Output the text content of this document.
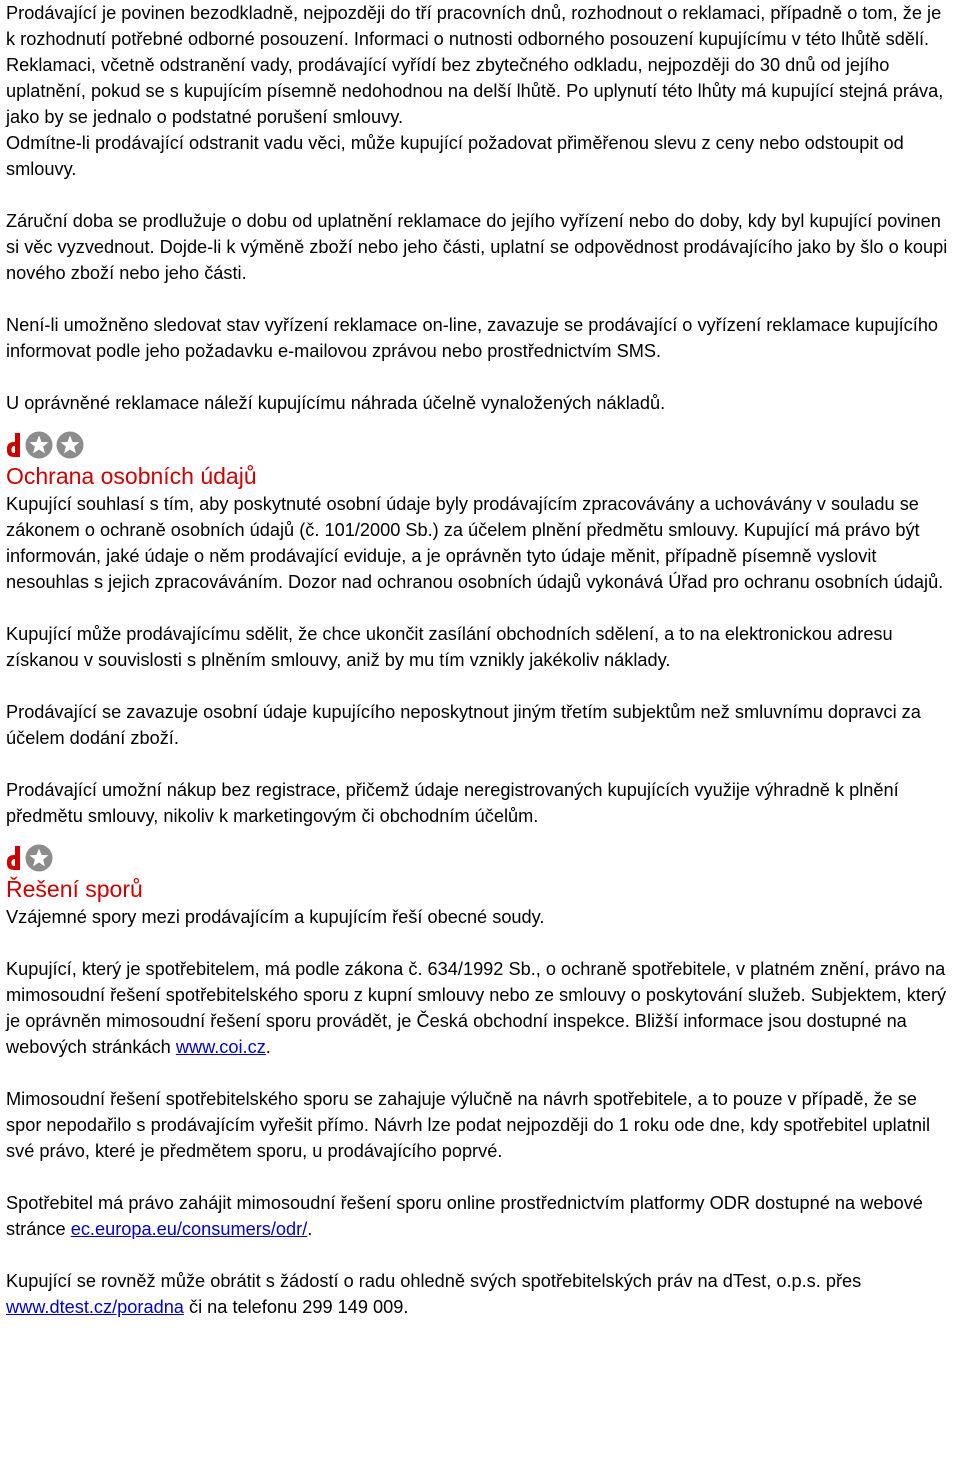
Prodávající je povinen bezodkladně, nejpozději do tří pracovních dnů, rozhodnout o reklamaci, případně o tom, že je k rozhodnutí potřebné odborné posouzení. Informaci o nutnosti odborného posouzení kupujícímu v této lhůtě sdělí. Reklamaci, včetně odstranění vady, prodávající vyřídí bez zbytečného odkladu, nejpozději do 30 dnů od jejího uplatnění, pokud se s kupujícím písemně nedohodnou na delší lhůtě. Po uplynutí této lhůty má kupující stejná práva, jako by se jednalo o podstatné porušení smlouvy.

Odmítne-li prodávající odstranit vadu věci, může kupující požadovat přiměřenou slevu z ceny nebo odstoupit od smlouvy.

Záruční doba se prodlužuje o dobu od uplatnění reklamace do jejího vyřízení nebo do doby, kdy byl kupující povinen si věc vyzvednout. Dojde-li k výměně zboží nebo jeho části, uplatní se odpovědnost prodávajícího jako by šlo o koupi nového zboží nebo jeho části.

Není-li umožněno sledovat stav vyřízení reklamace on-line, zavazuje se prodávající o vyřízení reklamace kupujícího informovat podle jeho požadavku e-mailovou zprávou nebo prostřednictvím SMS.

U oprávněné reklamace náleží kupujícímu náhrada účelně vynaložených nákladů.

Ochrana osobních údajů

Kupující souhlasí s tím, aby poskytnuté osobní údaje byly prodávajícím zpracovávány a uchovávány v souladu se zákonem o ochraně osobních údajů (č. 101/2000 Sb.) za účelem plnění předmětu smlouvy. Kupující má právo být informován, jaké údaje o něm prodávající eviduje, a je oprávněn tyto údaje měnit, případně písemně vyslovit nesouhlas s jejich zpracováváním. Dozor nad ochranou osobních údajů vykonává Úřad pro ochranu osobních údajů.

Kupující může prodávajícímu sdělit, že chce ukončit zasílání obchodních sdělení, a to na elektronickou adresu získanou v souvislosti s plněním smlouvy, aniž by mu tím vznikly jakékoliv náklady.

Prodávající se zavazuje osobní údaje kupujícího neposkytnout jiným třetím subjektům než smluvnímu dopravci za účelem dodání zboží.

Prodávající umožní nákup bez registrace, přičemž údaje neregistrovaných kupujících využije výhradně k plnění předmětu smlouvy, nikoliv k marketingovým či obchodním účelům.

Řešení sporů

Vzájemné spory mezi prodávajícím a kupujícím řeší obecné soudy.

Kupující, který je spotřebitelem, má podle zákona č. 634/1992 Sb., o ochraně spotřebitele, v platném znění, právo na mimosoudní řešení spotřebitelského sporu z kupní smlouvy nebo ze smlouvy o poskytování služeb. Subjektem, který je oprávněn mimosoudní řešení sporu provádět, je Česká obchodní inspekce. Bližší informace jsou dostupné na webových stránkách www.coi.cz.

Mimosoudní řešení spotřebitelského sporu se zahajuje výlučně na návrh spotřebitele, a to pouze v případě, že se spor nepodařilo s prodávajícím vyřešit přímo. Návrh lze podat nejpozději do 1 roku ode dne, kdy spotřebitel uplatnil své právo, které je předmětem sporu, u prodávajícího poprvé.

Spotřebitel má právo zahájit mimosoudní řešení sporu online prostřednictvím platformy ODR dostupné na webové stránce ec.europa.eu/consumers/odr/.

Kupující se rovněž může obrátit s žádostí o radu ohledně svých spotřebitelských práv na dTest, o.p.s. přes www.dtest.cz/poradna či na telefonu 299 149 009.
